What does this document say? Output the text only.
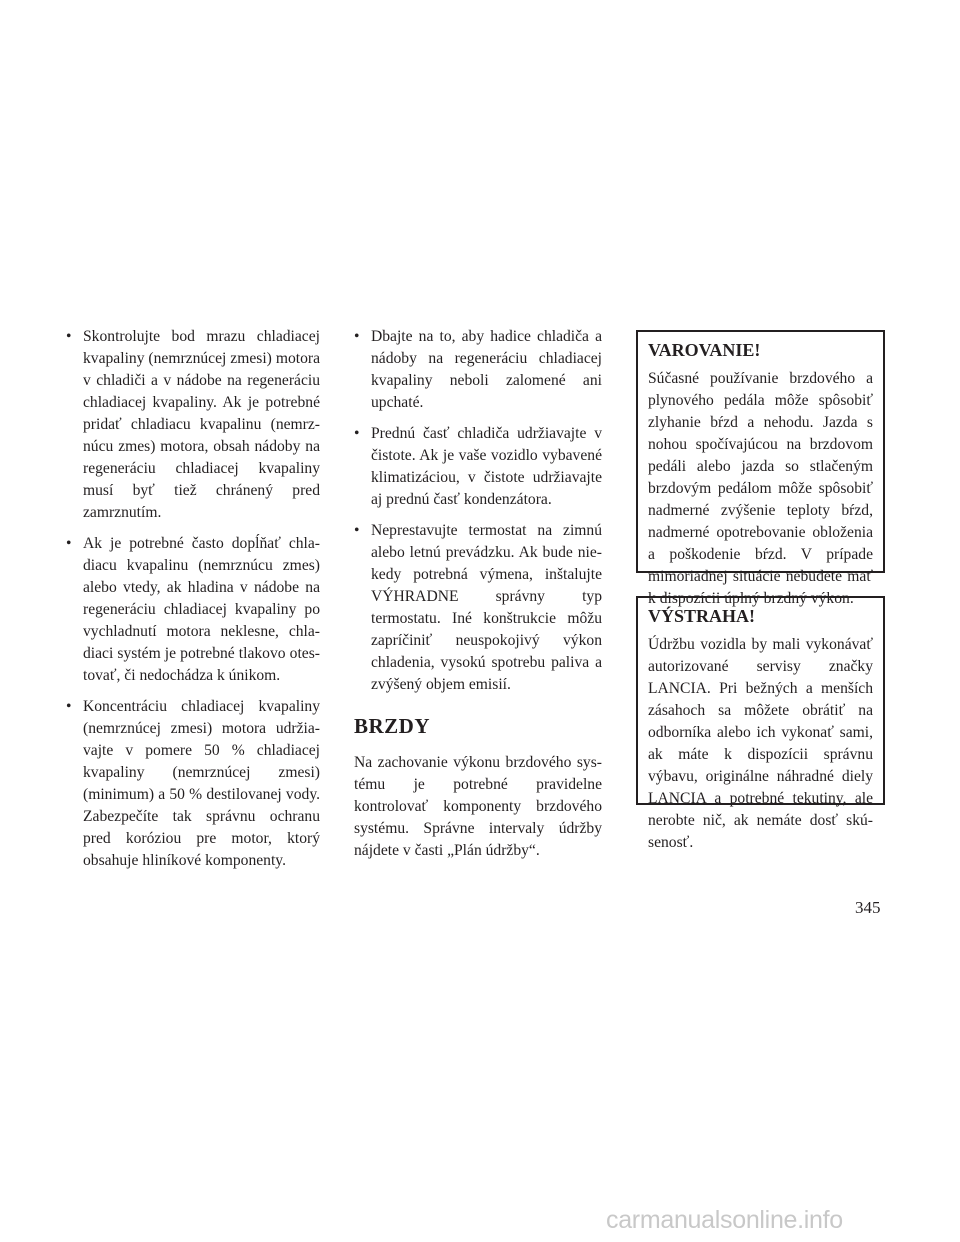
• Skontrolujte bod mrazu chladiacej kvapaliny (nemrznúcej zmesi) motora v chladiči a v nádobe na regeneráciu chladiacej kvapaliny. Ak je potrebné pridať chladiacu kvapalinu (nemrznúcu zmes) motora, obsah nádoby na regeneráciu chladiacej kvapaliny musí byť tiež chránený pred zamrznutím.
• Ak je potrebné často dopĺňať chladiacu kvapalinu (nemrznúcu zmes) alebo vtedy, ak hladina v nádobe na regeneráciu chladiacej kvapaliny po vychladnutí motora neklesne, chladiaci systém je potrebné tlakovo otestovať, či nedochádza k únikom.
• Koncentráciu chladiacej kvapaliny (nemrznúcej zmesi) motora udržiavajte v pomere 50 % chladiacej kvapaliny (nemrznúcej zmesi) (minimum) a 50 % destilovanej vody. Zabezpečíte tak správnu ochranu pred koróziou pre motor, ktorý obsahuje hliníkové komponenty.
• Dbajte na to, aby hadice chladiča a nádoby na regeneráciu chladiacej kvapaliny neboli zalomené ani upchaté.
• Prednú časť chladiča udržiavajte v čistote. Ak je vaše vozidlo vybavené klimatizáciou, v čistote udržiavajte aj prednú časť kondenzátora.
• Neprestavujte termostat na zimnú alebo letnú prevádzku. Ak bude niekedy potrebná výmena, inštalujte VÝHRADNE správny typ termostatu. Iné konštrukcie môžu zapríčiniť neuspokojivý výkon chladenia, vysokú spotrebu paliva a zvýšený objem emisií.
BRZDY

Na zachovanie výkonu brzdového systému je potrebné pravidelne kontrolovať komponenty brzdového systému. Správne intervaly údržby nájdete v časti „Plán údržby“.

VAROVANIE!

Súčasné používanie brzdového a plynového pedála môže spôsobiť zlyhanie bŕzd a nehodu. Jazda s nohou spočívajúcou na brzdovom pedáli alebo jazda so stlačeným brzdovým pedálom môže spôsobiť nadmerné zvýšenie teploty bŕzd, nadmerné opotrebovanie obloženia a poškodenie bŕzd. V prípade mimoriadnej situácie nebudete mať k dispozícii úplný brzdný výkon.

VÝSTRAHA!

Údržbu vozidla by mali vykonávať autorizované servisy značky LANCIA. Pri bežných a menších zásahoch sa môžete obrátiť na odborníka alebo ich vykonať sami, ak máte k dispozícii správnu výbavu, originálne náhradné diely LANCIA a potrebné tekutiny, ale nerobte nič, ak nemáte dosť skúsenosť.

345
carmanualsonline.info
